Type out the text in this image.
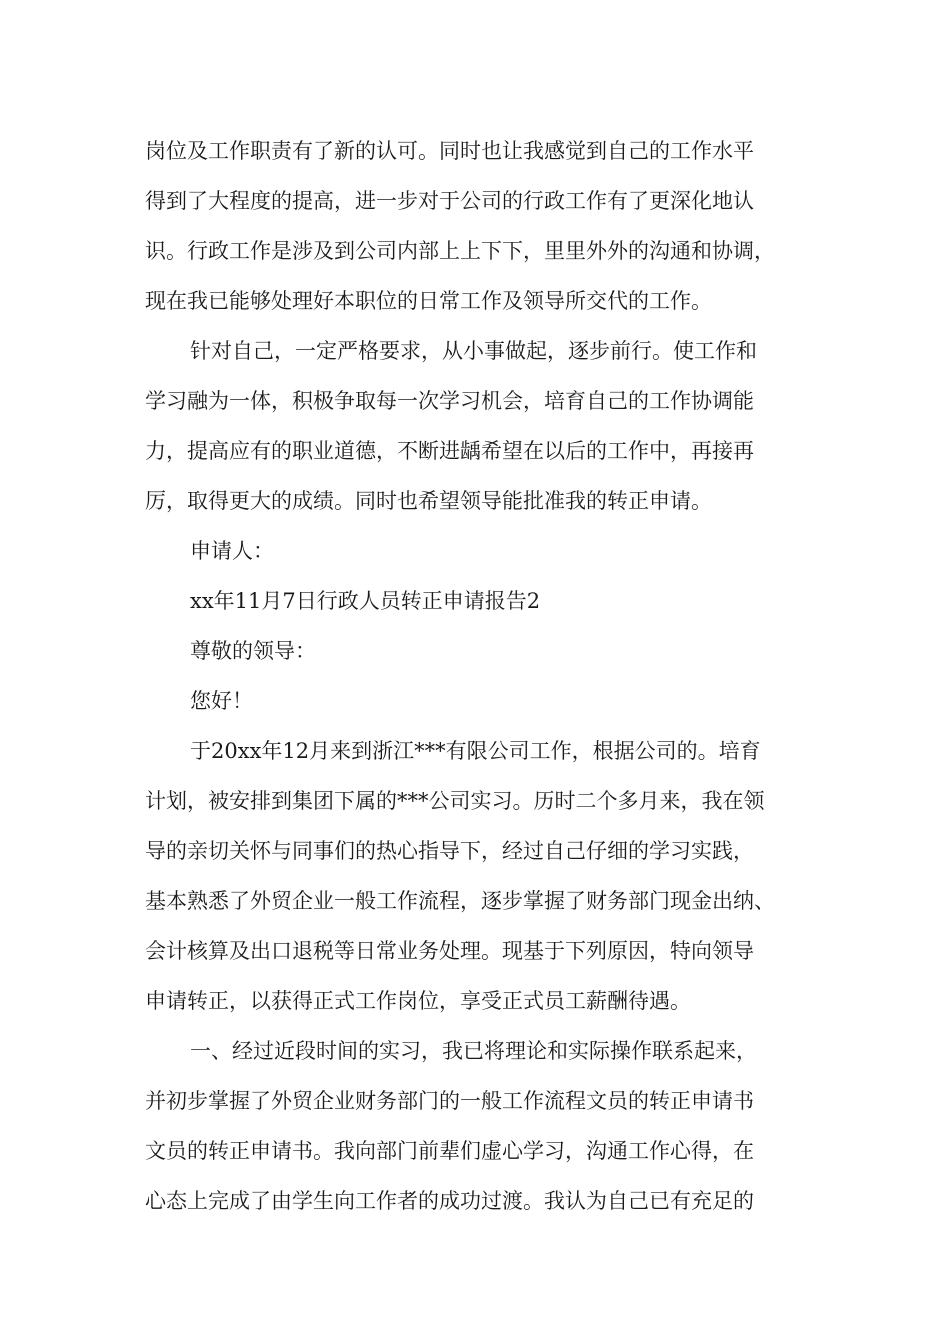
岗位及工作职责有了新的认可。同时也让我感觉到自己的工作水平
得到了大程度的提高，进一步对于公司的行政工作有了更深化地认
识。行政工作是涉及到公司内部上上下下，里里外外的沟通和协调，
现在我已能够处理好本职位的日常工作及领导所交代的工作。
针对自己，一定严格要求，从小事做起，逐步前行。使工作和
学习融为一体，积极争取每一次学习机会，培育自己的工作协调能
力，提高应有的职业道德，不断进龋希望在以后的工作中，再接再
厉，取得更大的成绩。同时也希望领导能批准我的转正申请。
申请人：
xx年11月7日行政人员转正申请报告2
尊敬的领导：
您好！
于20xx年12月来到浙江***有限公司工作，根据公司的。培育
计划，被安排到集团下属的***公司实习。历时二个多月来，我在领
导的亲切关怀与同事们的热心指导下，经过自己仔细的学习实践，
基本熟悉了外贸企业一般工作流程，逐步掌握了财务部门现金出纳、
会计核算及出口退税等日常业务处理。现基于下列原因，特向领导
申请转正，以获得正式工作岗位，享受正式员工薪酬待遇。
一、经过近段时间的实习，我已将理论和实际操作联系起来，
并初步掌握了外贸企业财务部门的一般工作流程文员的转正申请书
文员的转正申请书。我向部门前辈们虚心学习，沟通工作心得，在
心态上完成了由学生向工作者的成功过渡。我认为自己已有充足的
